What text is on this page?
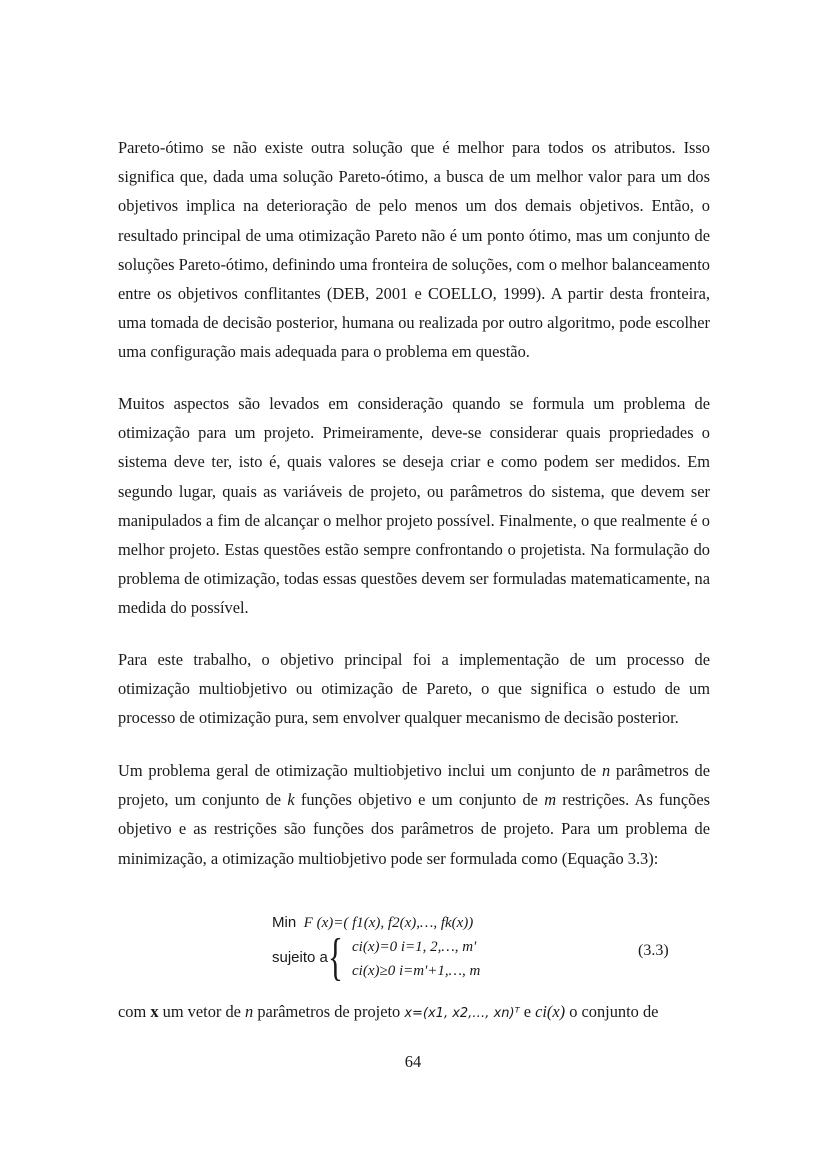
Pareto-ótimo se não existe outra solução que é melhor para todos os atributos. Isso significa que, dada uma solução Pareto-ótimo, a busca de um melhor valor para um dos objetivos implica na deterioração de pelo menos um dos demais objetivos. Então, o resultado principal de uma otimização Pareto não é um ponto ótimo, mas um conjunto de soluções Pareto-ótimo, definindo uma fronteira de soluções, com o melhor balanceamento entre os objetivos conflitantes (DEB, 2001 e COELLO, 1999). A partir desta fronteira, uma tomada de decisão posterior, humana ou realizada por outro algoritmo, pode escolher uma configuração mais adequada para o problema em questão.

Muitos aspectos são levados em consideração quando se formula um problema de otimização para um projeto. Primeiramente, deve-se considerar quais propriedades o sistema deve ter, isto é, quais valores se deseja criar e como podem ser medidos. Em segundo lugar, quais as variáveis de projeto, ou parâmetros do sistema, que devem ser manipulados a fim de alcançar o melhor projeto possível. Finalmente, o que realmente é o melhor projeto. Estas questões estão sempre confrontando o projetista. Na formulação do problema de otimização, todas essas questões devem ser formuladas matematicamente, na medida do possível.

Para este trabalho, o objetivo principal foi a implementação de um processo de otimização multiobjetivo ou otimização de Pareto, o que significa o estudo de um processo de otimização pura, sem envolver qualquer mecanismo de decisão posterior.

Um problema geral de otimização multiobjetivo inclui um conjunto de n parâmetros de projeto, um conjunto de k funções objetivo e um conjunto de m restrições. As funções objetivo e as restrições são funções dos parâmetros de projeto. Para um problema de minimização, a otimização multiobjetivo pode ser formulada como (Equação 3.3):

Min F (x)=( f1(x), f2(x),…, fk(x))
sujeito a { ci(x)=0 i=1, 2,…, m'
ci(x)≥0 i=m'+1,…, m
(3.3)

com x um vetor de n parâmetros de projeto x=(x1, x2,…, xn)ᵀ e ci(x) o conjunto de

64
